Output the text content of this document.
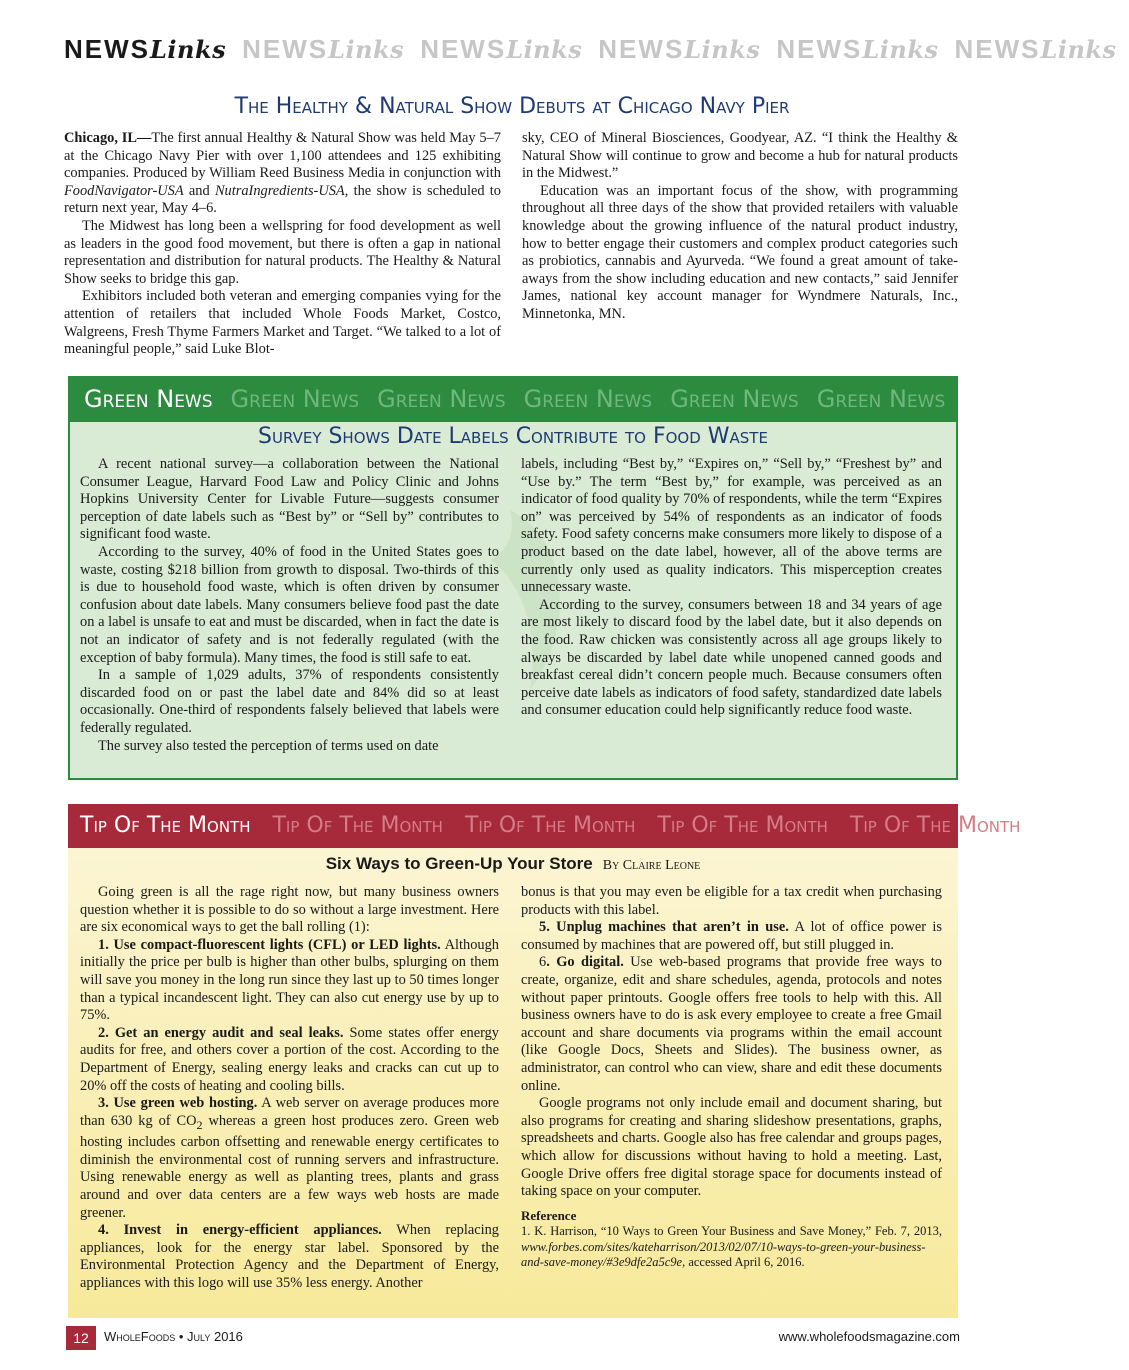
NEWSLinks NEWSLinks NEWSLinks NEWSLinks NEWSLinks NEWSLinks
The Healthy & Natural Show Debuts at Chicago Navy Pier

Chicago, IL—The first annual Healthy & Natural Show was held May 5–7 at the Chicago Navy Pier with over 1,100 attendees and 125 exhibiting companies. Produced by William Reed Business Media in conjunction with FoodNavigator-USA and NutraIngredients-USA, the show is scheduled to return next year, May 4–6.

The Midwest has long been a wellspring for food development as well as leaders in the good food movement, but there is often a gap in national representation and distribution for natural products. The Healthy & Natural Show seeks to bridge this gap.

Exhibitors included both veteran and emerging companies vying for the attention of retailers that included Whole Foods Market, Costco, Walgreens, Fresh Thyme Farmers Market and Target. “We talked to a lot of meaningful people,” said Luke Blot-

sky, CEO of Mineral Biosciences, Goodyear, AZ. “I think the Healthy & Natural Show will continue to grow and become a hub for natural products in the Midwest.”

Education was an important focus of the show, with programming throughout all three days of the show that provided retailers with valuable knowledge about the growing influence of the natural product industry, how to better engage their customers and complex product categories such as probiotics, cannabis and Ayurveda. “We found a great amount of take-aways from the show including education and new contacts,” said Jennifer James, national key account manager for Wyndmere Naturals, Inc., Minnetonka, MN.

Green News Green News Green News Green News Green News Green News
Survey Shows Date Labels Contribute to Food Waste

A recent national survey—a collaboration between the National Consumer League, Harvard Food Law and Policy Clinic and Johns Hopkins University Center for Livable Future—suggests consumer perception of date labels such as “Best by” or “Sell by” contributes to significant food waste.

According to the survey, 40% of food in the United States goes to waste, costing $218 billion from growth to disposal. Two-thirds of this is due to household food waste, which is often driven by consumer confusion about date labels. Many consumers believe food past the date on a label is unsafe to eat and must be discarded, when in fact the date is not an indicator of safety and is not federally regulated (with the exception of baby formula). Many times, the food is still safe to eat.

In a sample of 1,029 adults, 37% of respondents consistently discarded food on or past the label date and 84% did so at least occasionally. One-third of respondents falsely believed that labels were federally regulated.

The survey also tested the perception of terms used on date

labels, including “Best by,” “Expires on,” “Sell by,” “Freshest by” and “Use by.” The term “Best by,” for example, was perceived as an indicator of food quality by 70% of respondents, while the term “Expires on” was perceived by 54% of respondents as an indicator of foods safety. Food safety concerns make consumers more likely to dispose of a product based on the date label, however, all of the above terms are currently only used as quality indicators. This misperception creates unnecessary waste.

According to the survey, consumers between 18 and 34 years of age are most likely to discard food by the label date, but it also depends on the food. Raw chicken was consistently across all age groups likely to always be discarded by label date while unopened canned goods and breakfast cereal didn’t concern people much. Because consumers often perceive date labels as indicators of food safety, standardized date labels and consumer education could help significantly reduce food waste.

Tip Of The Month Tip Of The Month Tip Of The Month Tip Of The Month Tip Of The Month
Six Ways to Green-Up Your Store By Claire Leone

Going green is all the rage right now, but many business owners question whether it is possible to do so without a large investment. Here are six economical ways to get the ball rolling (1):

1. Use compact-fluorescent lights (CFL) or LED lights. Although initially the price per bulb is higher than other bulbs, splurging on them will save you money in the long run since they last up to 50 times longer than a typical incandescent light. They can also cut energy use by up to 75%.

2. Get an energy audit and seal leaks. Some states offer energy audits for free, and others cover a portion of the cost. According to the Department of Energy, sealing energy leaks and cracks can cut up to 20% off the costs of heating and cooling bills.

3. Use green web hosting. A web server on average produces more than 630 kg of $CO_2$ whereas a green host produces zero. Green web hosting includes carbon offsetting and renewable energy certificates to diminish the environmental cost of running servers and infrastructure. Using renewable energy as well as planting trees, plants and grass around and over data centers are a few ways web hosts are made greener.

4. Invest in energy-efficient appliances. When replacing appliances, look for the energy star label. Sponsored by the Environmental Protection Agency and the Department of Energy, appliances with this logo will use 35% less energy. Another

bonus is that you may even be eligible for a tax credit when purchasing products with this label.

5. Unplug machines that aren’t in use. A lot of office power is consumed by machines that are powered off, but still plugged in.

6. Go digital. Use web-based programs that provide free ways to create, organize, edit and share schedules, agenda, protocols and notes without paper printouts. Google offers free tools to help with this. All business owners have to do is ask every employee to create a free Gmail account and share documents via programs within the email account (like Google Docs, Sheets and Slides). The business owner, as administrator, can control who can view, share and edit these documents online.

Google programs not only include email and document sharing, but also programs for creating and sharing slideshow presentations, graphs, spreadsheets and charts. Google also has free calendar and groups pages, which allow for discussions without having to hold a meeting. Last, Google Drive offers free digital storage space for documents instead of taking space on your computer.

Reference
1. K. Harrison, “10 Ways to Green Your Business and Save Money,” Feb. 7, 2013, www.forbes.com/sites/kateharrison/2013/02/07/10-ways-to-green-your-business-and-save-money/#3e9dfe2a5c9e, accessed April 6, 2016.
12	WholeFoods • July 2016	www.wholefoodsmagazine.com
